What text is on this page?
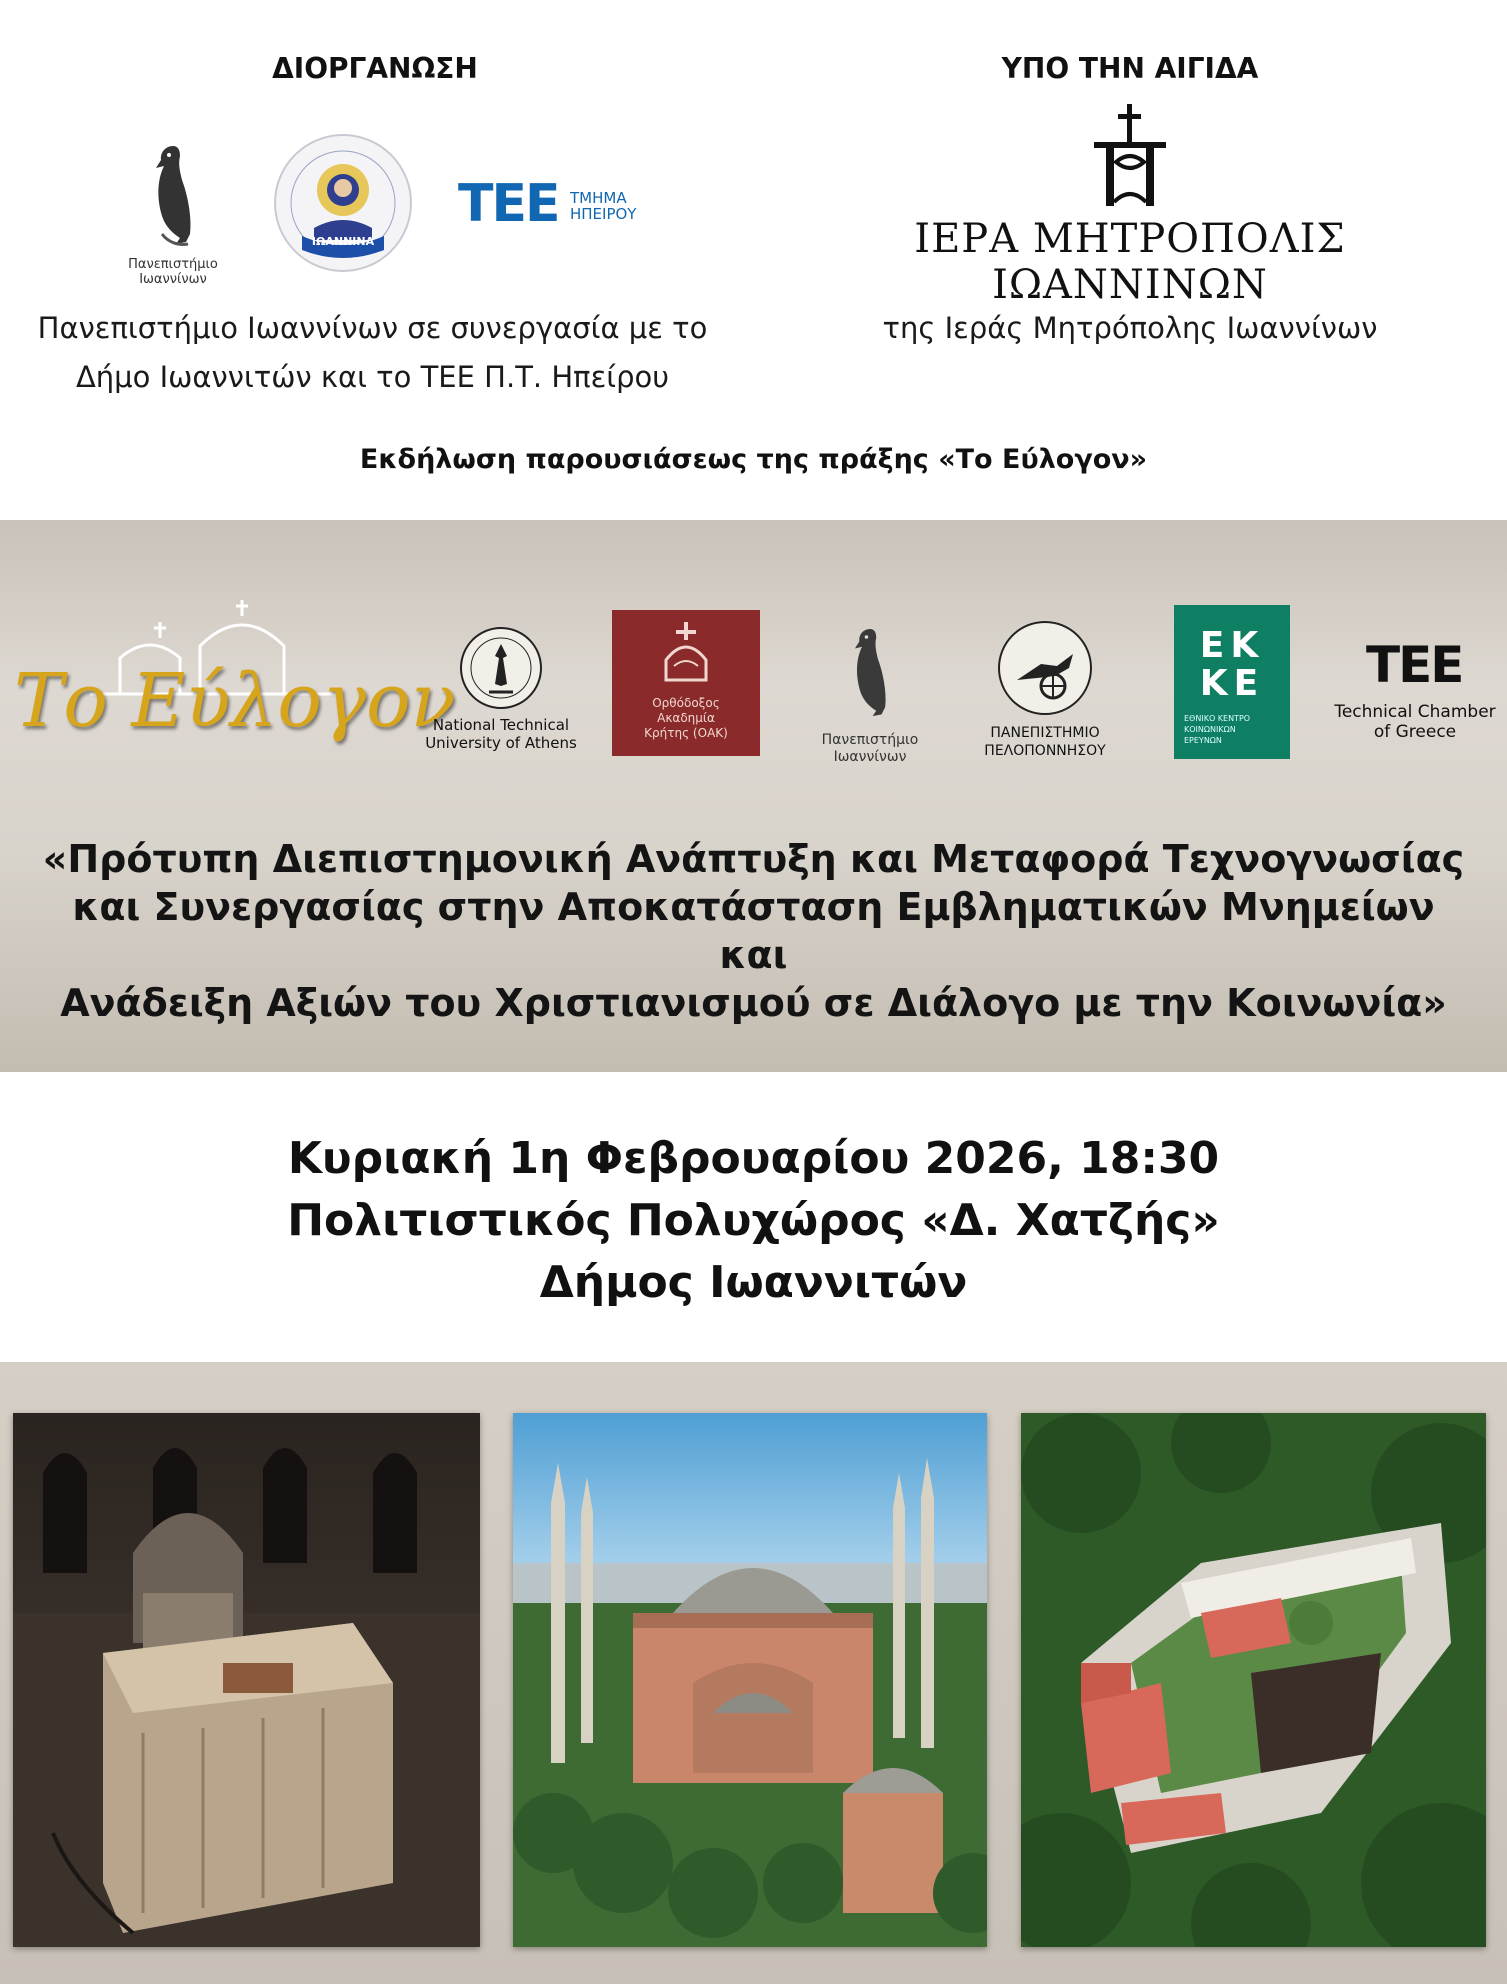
ΔΙΟΡΓΑΝΩΣΗ
Πανεπιστήμιο
Ιωαννίνων
ΙΩΑΝΝΙΝΑ
ΤΕΕ ΤΜΗΜΑ
ΗΠΕΙΡΟΥ
Πανεπιστήμιο Ιωαννίνων σε συνεργασία με το
Δήμο Ιωαννιτών και το ΤΕΕ Π.Τ. Ηπείρου
ΥΠΟ ΤΗΝ ΑΙΓΙΔΑ
ΙΕΡΑ ΜΗΤΡΟΠΟΛΙΣ ΙΩΑΝΝΙΝΩΝ
της Ιεράς Μητρόπολης Ιωαννίνων
Εκδήλωση παρουσιάσεως της πράξης «Το Εύλογον»
Το Εύλογον
National Technical
University of Athens
Ορθόδοξος
Ακαδημία
Κρήτης (ΟΑΚ)	Πανεπιστήμιο
Ιωαννίνων
ΠΑΝΕΠΙΣΤΗΜΙΟ
ΠΕΛΟΠΟΝΝΗΣΟΥ
ΕΚ
ΚΕ
ΕΘΝΙΚΟ ΚΕΝΤΡΟ
ΚΟΙΝΩΝΙΚΩΝ
ΕΡΕΥΝΩΝ
ΤΕΕ
Technical Chamber
of Greece
«Πρότυπη Διεπιστημονική Ανάπτυξη και Μεταφορά Τεχνογνωσίας
και Συνεργασίας στην Αποκατάσταση Εμβληματικών Μνημείων και
Ανάδειξη Αξιών του Χριστιανισμού σε Διάλογο με την Κοινωνία»
Κυριακή 1η Φεβρουαρίου 2026, 18:30
Πολιτιστικός Πολυχώρος «Δ. Χατζής»
Δήμος Ιωαννιτών
